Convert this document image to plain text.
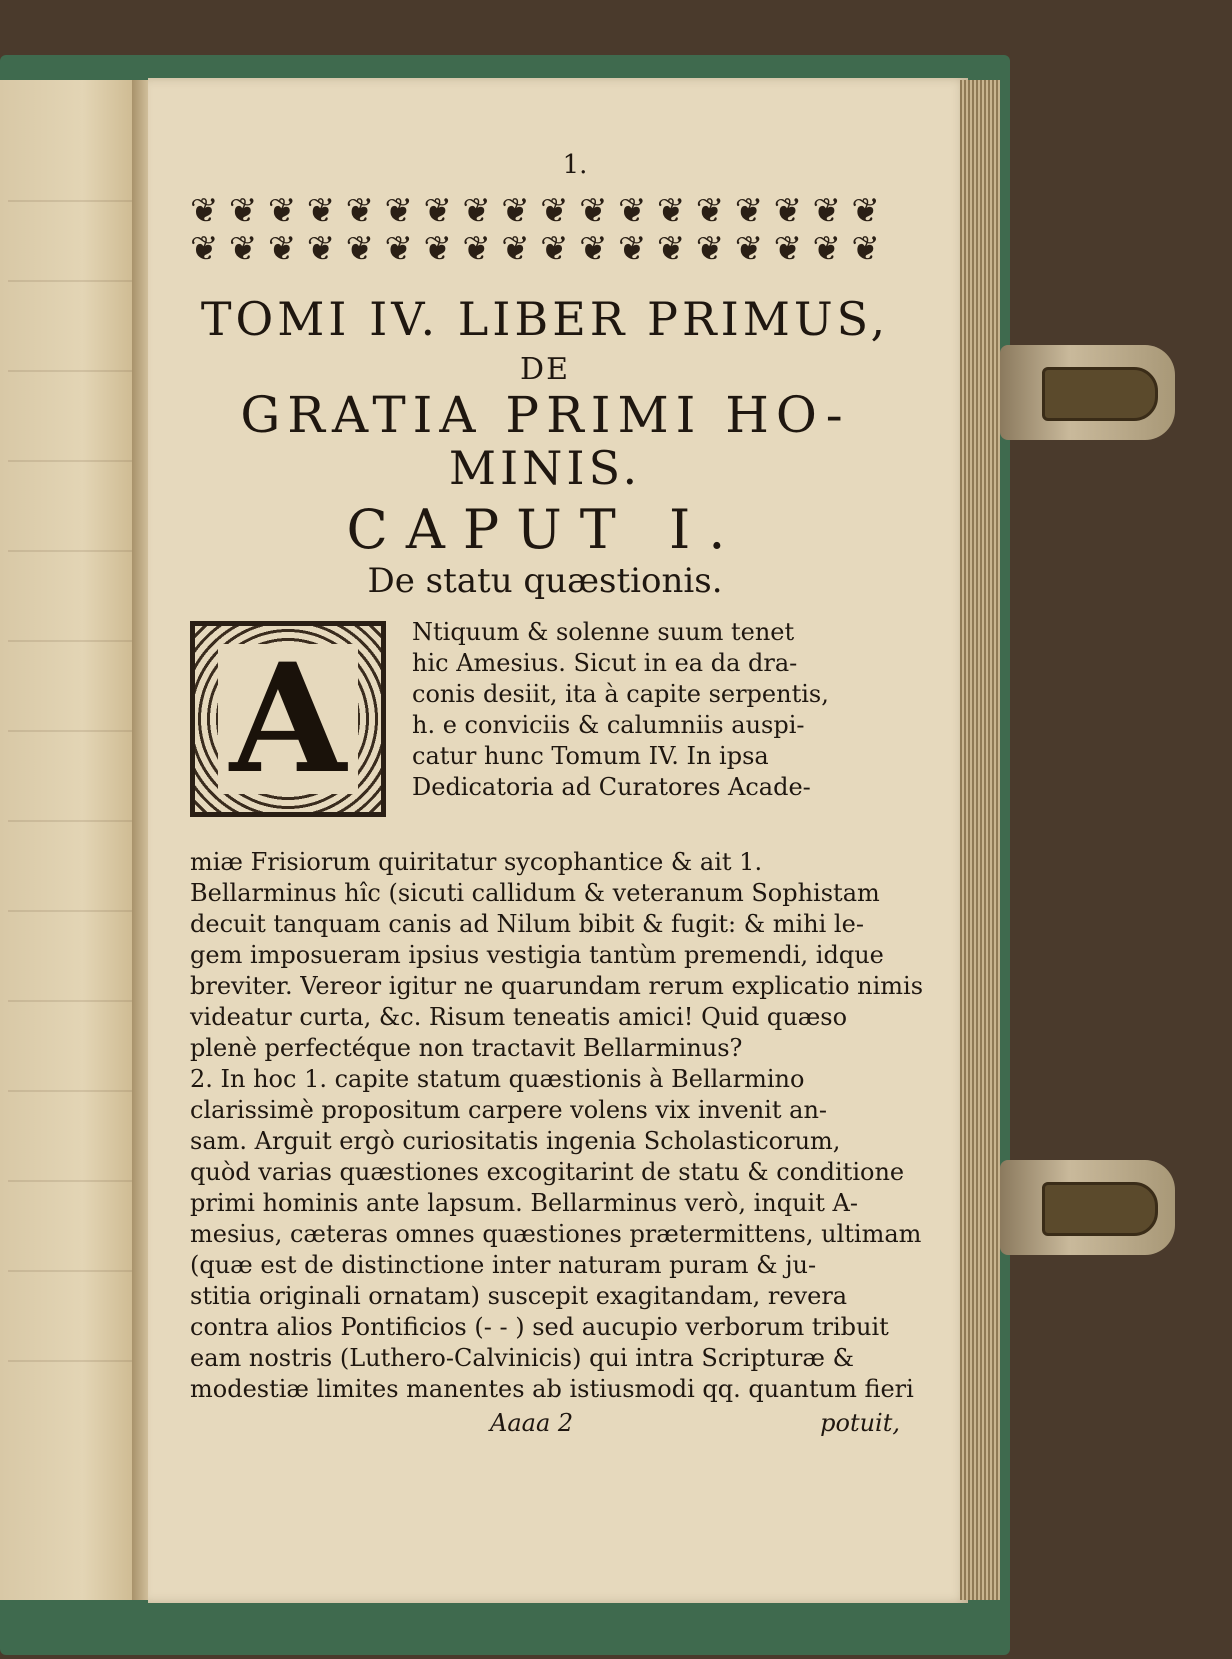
1.
❦ ❦ ❦ ❦ ❦ ❦ ❦ ❦ ❦ ❦ ❦ ❦ ❦ ❦ ❦ ❦ ❦ ❦
❦ ❦ ❦ ❦ ❦ ❦ ❦ ❦ ❦ ❦ ❦ ❦ ❦ ❦ ❦ ❦ ❦ ❦
TOMI IV. LIBER PRIMUS,
DE
GRATIA PRIMI HO-
MINIS.
CAPUT I.
De statu quæstionis.
A	Ntiquum & solenne suum tenet
hic Amesius. Sicut in ea da dra-
conis desiit, ita à capite serpentis,
h. e conviciis & calumniis auspi-
catur hunc Tomum IV. In ipsa
Dedicatoria ad Curatores Acade-
miæ Frisiorum quiritatur sycophantice & ait 1.
Bellarminus hîc (sicuti callidum & veteranum Sophistam
decuit tanquam canis ad Nilum bibit & fugit: & mihi le-
gem imposueram ipsius vestigia tantùm premendi, idque
breviter. Vereor igitur ne quarundam rerum explicatio nimis
videatur curta, &c. Risum teneatis amici! Quid quæso
plenè perfectéque non tractavit Bellarminus?
2. In hoc 1. capite statum quæstionis à Bellarmino
clarissimè propositum carpere volens vix invenit an-
sam. Arguit ergò curiositatis ingenia Scholasticorum,
quòd varias quæstiones excogitarint de statu & conditione
primi hominis ante lapsum. Bellarminus verò, inquit A-
mesius, cæteras omnes quæstiones prætermittens, ultimam
(quæ est de distinctione inter naturam puram & ju-
stitia originali ornatam) suscepit exagitandam, revera
contra alios Pontificios (- - ) sed aucupio verborum tribuit
eam nostris (Luthero-Calvinicis) qui intra Scripturæ &
modestiæ limites manentes ab istiusmodi qq. quantum fieri
Aaaa 2	potuit,
